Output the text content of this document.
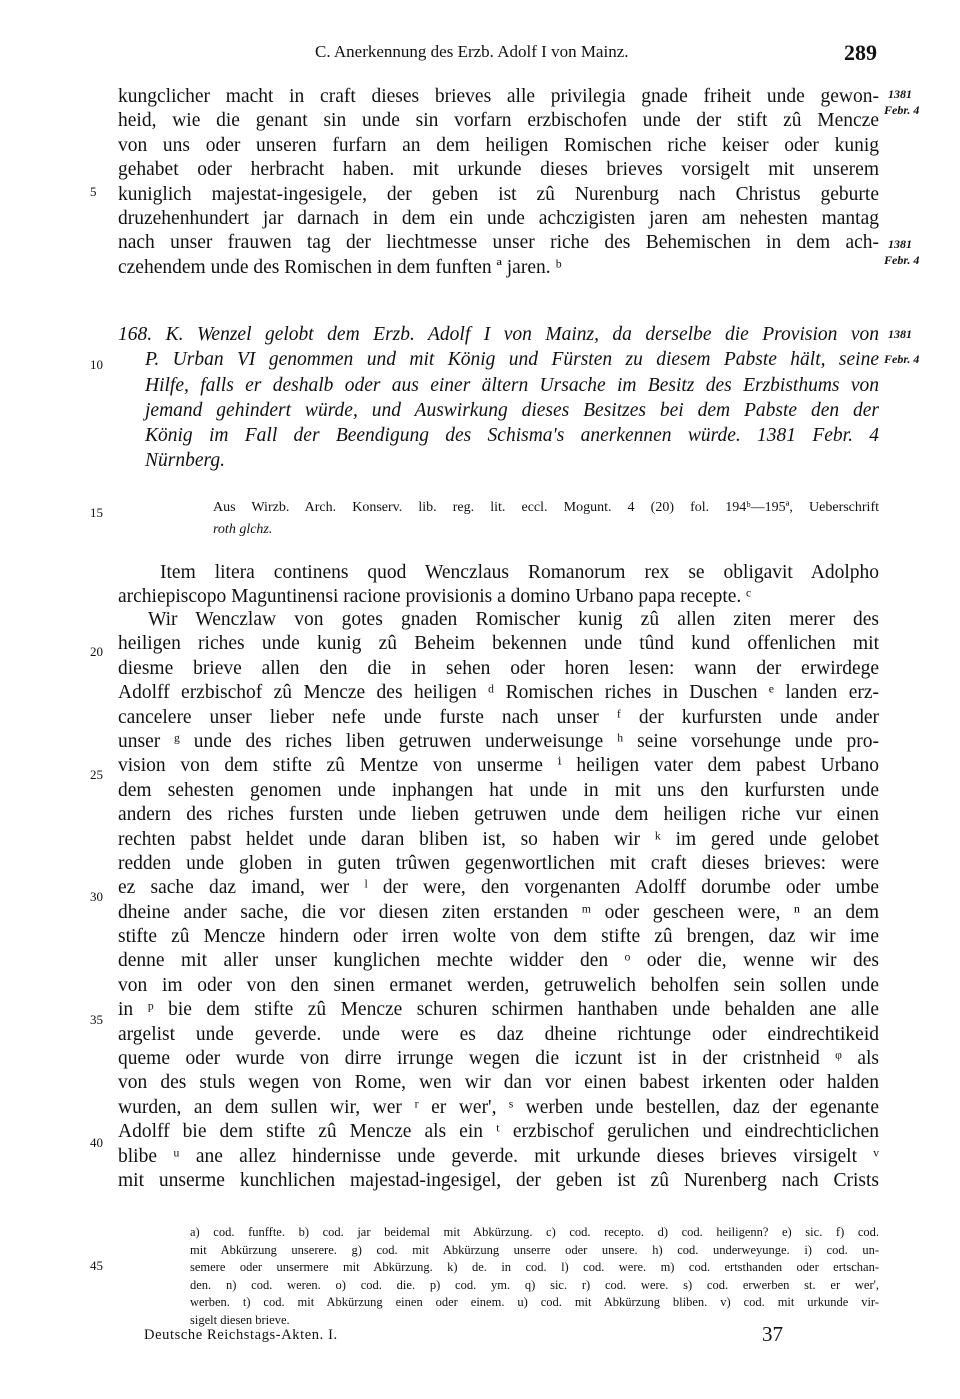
C. Anerkennung des Erzb. Adolf I von Mainz.	289
kungclicher macht in craft dieses brieves alle privilegia gnade friheit unde gewon-
heid, wie die genant sin unde sin vorfarn erzbischofen unde der stift zû Mencze
von uns oder unseren furfarn an dem heiligen Romischen riche keiser oder kunig
gehabet oder herbracht haben. mit urkunde dieses brieves vorsigelt mit unserem
kuniglich majestat-ingesigele, der geben ist zû Nurenburg nach Christus geburte
druzehenhundert jar darnach in dem ein unde achczigisten jaren am nehesten mantag
nach unser frauwen tag der liechtmesse unser riche des Behemischen in dem ach-
czehendem unde des Romischen in dem funften ª jaren. ᵇ
168. K. Wenzel gelobt dem Erzb. Adolf I von Mainz, da derselbe die Provision von
P. Urban VI genommen und mit König und Fürsten zu diesem Pabste hält, seine
Hilfe, falls er deshalb oder aus einer ältern Ursache im Besitz des Erzbisthums von
jemand gehindert würde, und Auswirkung dieses Besitzes bei dem Pabste den der
König im Fall der Beendigung des Schisma's anerkennen würde. 1381 Febr. 4
Nürnberg.
Aus Wirzb. Arch. Konserv. lib. reg. lit. eccl. Mogunt. 4 (20) fol. 194ᵇ—195ª, Ueberschrift
roth glchz.
Item litera continens quod Wenczlaus Romanorum rex se obligavit Adolpho
archiepiscopo Maguntinensi racione provisionis a domino Urbano papa recepte. ᶜ
Wir Wenczlaw von gotes gnaden Romischer kunig zû allen ziten merer des
heiligen riches unde kunig zû Beheim bekennen unde tûnd kund offenlichen mit
diesme brieve allen den die in sehen oder horen lesen: wann der erwirdege
Adolff erzbischof zû Mencze des heiligen ᵈ Romischen riches in Duschen ᵉ landen erz-
cancelere unser lieber nefe unde furste nach unser ᶠ der kurfursten unde ander
unser ᵍ unde des riches liben getruwen underweisunge ʰ seine vorsehunge unde pro-
vision von dem stifte zû Mentze von unserme ⁱ heiligen vater dem pabest Urbano
dem sehesten genomen unde inphangen hat unde in mit uns den kurfursten unde
andern des riches fursten unde lieben getruwen unde dem heiligen riche vur einen
rechten pabst heldet unde daran bliben ist, so haben wir ᵏ im gered unde gelobet
redden unde globen in guten trûwen gegenwortlichen mit craft dieses brieves: were
ez sache daz imand, wer ˡ der were, den vorgenanten Adolff dorumbe oder umbe
dheine ander sache, die vor diesen ziten erstanden ᵐ oder gescheen were, ⁿ an dem
stifte zû Mencze hindern oder irren wolte von dem stifte zû brengen, daz wir ime
denne mit aller unser kunglichen mechte widder den ᵒ oder die, wenne wir des
von im oder von den sinen ermanet werden, getruwelich beholfen sein sollen unde
in ᵖ bie dem stifte zû Mencze schuren schirmen hanthaben unde behalden ane alle
argelist unde geverde. unde were es daz dheine richtunge oder eindrechtikeid
queme oder wurde von dirre irrunge wegen die iczunt ist in der cristnheid ᵠ als
von des stuls wegen von Rome, wen wir dan vor einen babest irkenten oder halden
wurden, an dem sullen wir, wer ʳ er wer', ˢ werben unde bestellen, daz der egenante
Adolff bie dem stifte zû Mencze als ein ᵗ erzbischof gerulichen und eindrechticlichen
blibe ᵘ ane allez hindernisse unde geverde. mit urkunde dieses brieves virsigelt ᵛ
mit unserme kunchlichen majestad-ingesigel, der geben ist zû Nurenberg nach Crists
a) cod. funffte. b) cod. jar beidemal mit Abkürzung. c) cod. recepto. d) cod. heiligenn? e) sic. f) cod.
mit Abkürzung unserere. g) cod. mit Abkürzung unserre oder unsere. h) cod. underweyunge. i) cod. un-
semere oder unsermere mit Abkürzung. k) de. in cod. l) cod. were. m) cod. ertsthanden oder ertschan-
den. n) cod. weren. o) cod. die. p) cod. ym. q) sic. r) cod. were. s) cod. erwerben st. er wer',
werben. t) cod. mit Abkürzung einen oder einem. u) cod. mit Abkürzung bliben. v) cod. mit urkunde vir-
sigelt diesen brieve.
5
10
15
20
25
30
35
40
45
1381
Febr. 4
1381
Febr. 4
1381
Febr. 4
Deutsche Reichstags-Akten. I.	37
